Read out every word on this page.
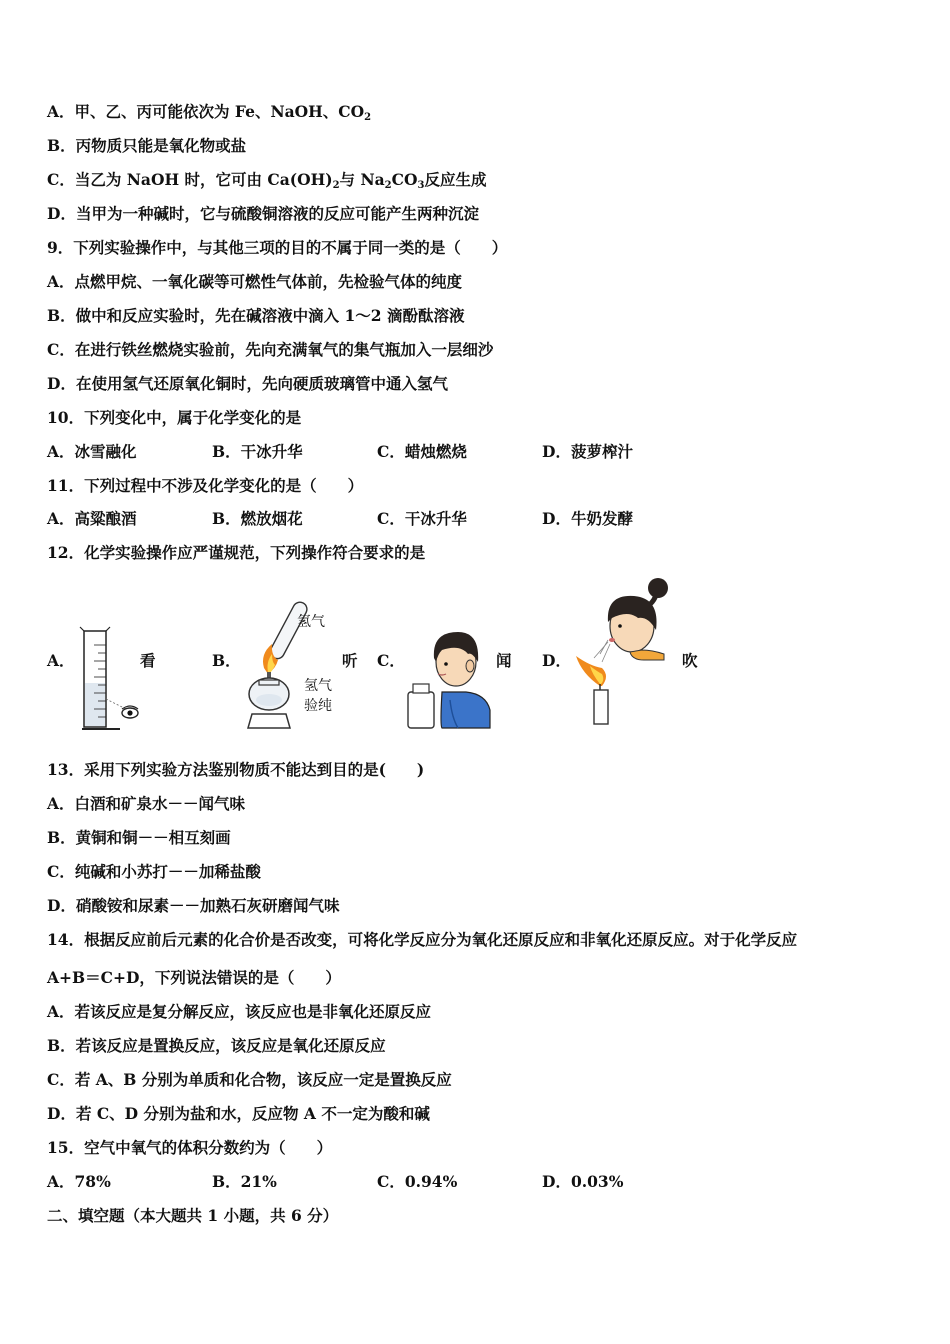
A．甲、乙、丙可能依次为 Fe、NaOH、$CO_2$
B．丙物质只能是氧化物或盐
C．当乙为 NaOH 时，它可由 $Ca(OH)_2$与 $Na_2CO_3$反应生成
D．当甲为一种碱时，它与硫酸铜溶液的反应可能产生两种沉淀
9．下列实验操作中，与其他三项的目的不属于同一类的是（　　）
A．点燃甲烷、一氧化碳等可燃性气体前，先检验气体的纯度
B．做中和反应实验时，先在碱溶液中滴入 1～2 滴酚酞溶液
C．在进行铁丝燃烧实验前，先向充满氧气的集气瓶加入一层细沙
D．在使用氢气还原氧化铜时，先向硬质玻璃管中通入氢气
10．下列变化中，属于化学变化的是
A．冰雪融化	B．干冰升华	C．蜡烛燃烧	D．菠萝榨汁
11．下列过程中不涉及化学变化的是（　　）
A．高粱酿酒	B．燃放烟花	C．干冰升华	D．牛奶发酵
12．化学实验操作应严谨规范，下列操作符合要求的是
A．	看	B．
氢气
氢气
验纯
听 C．	闻 D．	吹
13．采用下列实验方法鉴别物质不能达到目的是(　　)
A．白酒和矿泉水－－闻气味
B．黄铜和铜－－相互刻画
C．纯碱和小苏打－－加稀盐酸
D．硝酸铵和尿素－－加熟石灰研磨闻气味
14．根据反应前后元素的化合价是否改变，可将化学反应分为氧化还原反应和非氧化还原反应。对于化学反应
A+B＝C+D，下列说法错误的是（　　）
A．若该反应是复分解反应，该反应也是非氧化还原反应
B．若该反应是置换反应，该反应是氧化还原反应
C．若 A、B 分别为单质和化合物，该反应一定是置换反应
D．若 C、D 分别为盐和水，反应物 A 不一定为酸和碱
15．空气中氧气的体积分数约为（　　）
A．78%	B．21%	C．0.94%	D．0.03%
二、填空题（本大题共 1 小题，共 6 分）
